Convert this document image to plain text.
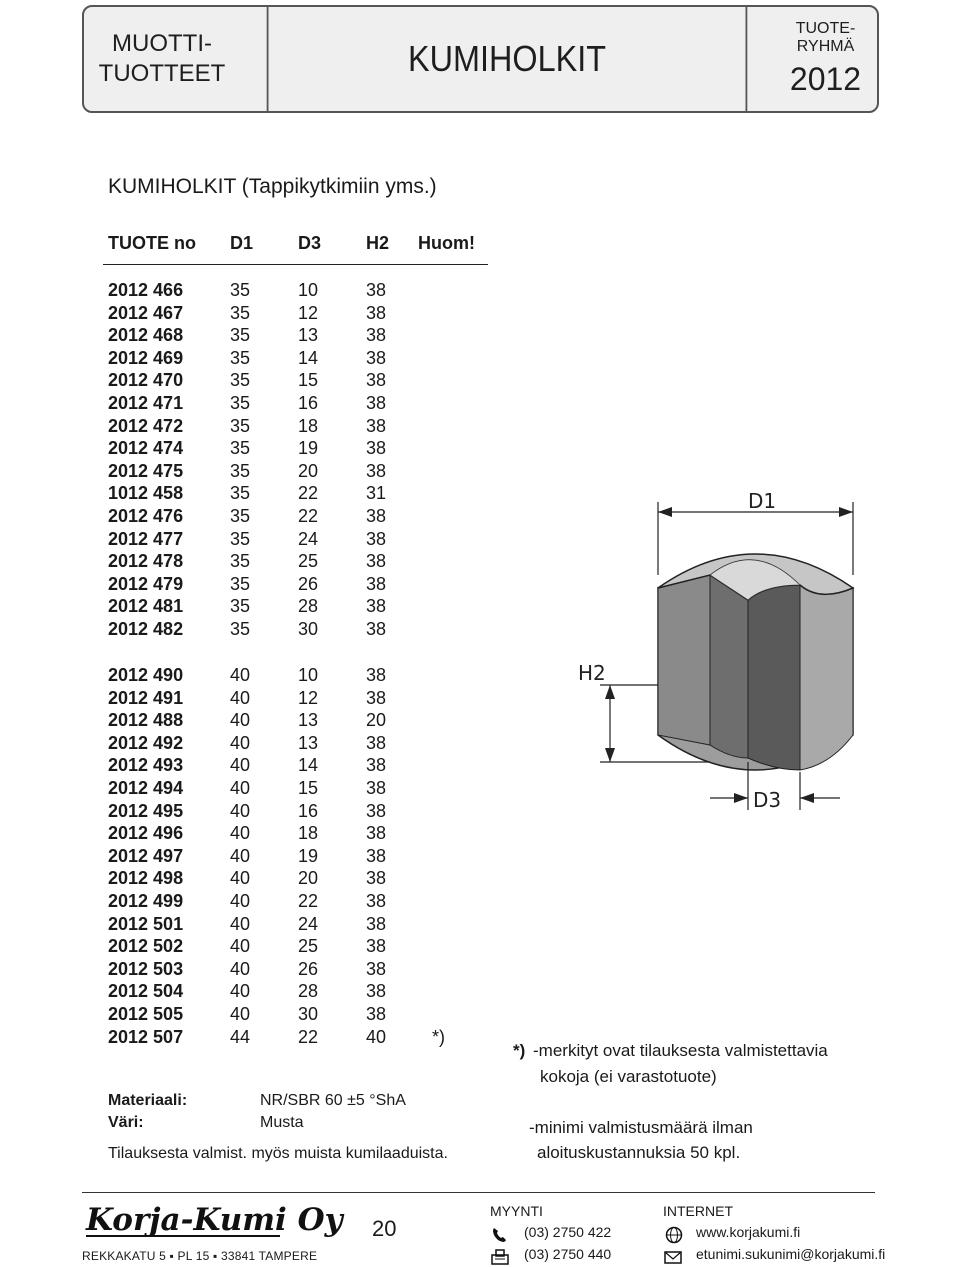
MUOTTI-
TUOTTEET	KUMIHOLKIT
TUOTE-
RYHMÄ
2012
KUMIHOLKIT (Tappikytkimiin yms.)
TUOTE no D1 D3 H2 Huom!
2012 466	35	10	38
2012 467	35	12	38
2012 468	35	13	38
2012 469	35	14	38
2012 470	35	15	38
2012 471	35	16	38
2012 472	35	18	38
2012 474	35	19	38
2012 475	35	20	38
1012 458	35	22	31
2012 476	35	22	38
2012 477	35	24	38
2012 478	35	25	38
2012 479	35	26	38
2012 481	35	28	38
2012 482	35	30	38
2012 490	40	10	38
2012 491	40	12	38
2012 488	40	13	20
2012 492	40	13	38
2012 493	40	14	38
2012 494	40	15	38
2012 495	40	16	38
2012 496	40	18	38
2012 497	40	19	38
2012 498	40	20	38
2012 499	40	22	38
2012 501	40	24	38
2012 502	40	25	38
2012 503	40	26	38
2012 504	40	28	38
2012 505	40	30	38
2012 507	44	22	40	*)
Materiaali:	NR/SBR 60 ±5 °ShA
Väri:	Musta
Tilauksesta valmist. myös muista kumilaaduista.
D1
H2
D3
*) -merkityt ovat tilauksesta valmistettavia
kokoja (ei varastotuote)
-minimi valmistusmäärä ilman
aloituskustannuksia 50 kpl.
Korja-Kumi Oy
REKKAKATU 5 ▪ PL 15 ▪ 33841 TAMPERE
20
MYYNTI
(03) 2750 422
(03) 2750 440
INTERNET
www.korjakumi.fi
etunimi.sukunimi@korjakumi.fi
